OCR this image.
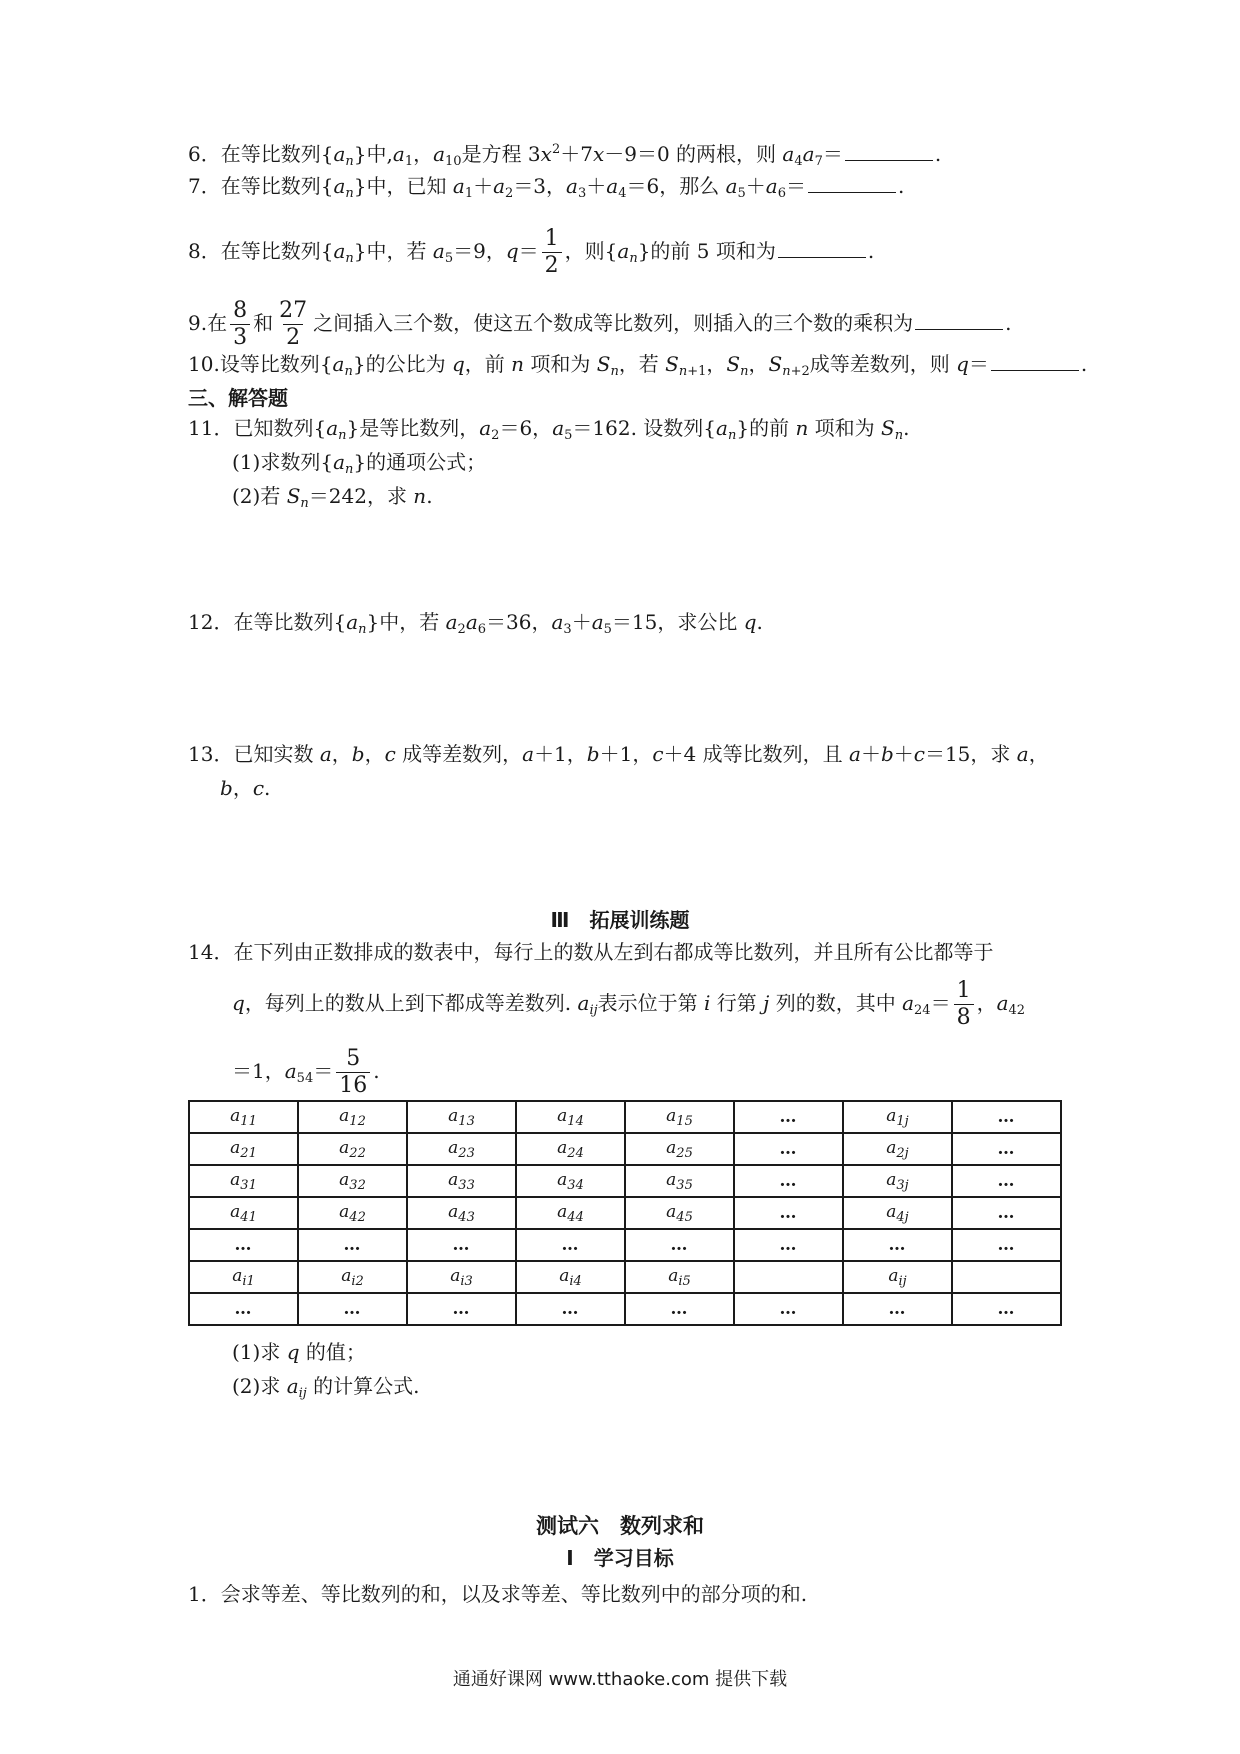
6．在等比数列$\{a_n\}$中$,a_1$，$a_{10}$是方程 $3x^2+7x-9=0$ 的两根，则 $a_4a_7=$	.
7．在等比数列$\{a_n\}$中，已知 $a_1+a_2=3$，$a_3+a_4=6$，那么 $a_5+a_6=$	.
8．在等比数列$\{a_n\}$中，若 $a_5=9$，$q= \frac{1}{2}$ ，则$\{a_n\}$的前 5 项和为	.
9.在 $\frac{8}{3}$ 和 $\frac{27}{2}$ 之间插入三个数，使这五个数成等比数列，则插入的三个数的乘积为	.
10.设等比数列$\{a_n\}$的公比为 q，前 n 项和为 $S_n$，若 $S_{n+1}$，$S_n$，$S_{n+2}$成等差数列，则 q＝	.
三、解答题
11．已知数列$\{a_n\}$是等比数列，$a_2=6$，$a_5=162$. 设数列$\{a_n\}$的前 n 项和为 $S_n$.
(1)求数列$\{a_n\}$的通项公式；
(2)若 $S_n=242$，求 n.
12．在等比数列$\{a_n\}$中，若 $a_2a_6=36$，$a_3+a_5=15$，求公比 q.
13．已知实数 a，b，c 成等差数列，a＋1，b＋1，c＋4 成等比数列，且 a＋b＋c＝15，求 a，
b，c.
Ⅲ　拓展训练题
14．在下列由正数排成的数表中，每行上的数从左到右都成等比数列，并且所有公比都等于
q，每列上的数从上到下都成等差数列. $a_{ij}$表示位于第 i 行第 j 列的数，其中 $a_{24}= \frac{1}{8}$ ，$a_{42}$
＝1，$a_{54}= \frac{5}{16}$ .
$a_{11}$	$a_{12}$	$a_{13}$	$a_{14}$	$a_{15}$	…	$a_{1j}$	…
$a_{21}$	$a_{22}$	$a_{23}$	$a_{24}$	$a_{25}$	…	$a_{2j}$	…
$a_{31}$	$a_{32}$	$a_{33}$	$a_{34}$	$a_{35}$	…	$a_{3j}$	…
$a_{41}$	$a_{42}$	$a_{43}$	$a_{44}$	$a_{45}$	…	$a_{4j}$	…
…	…	…	…	…	…	…	…
$a_{i1}$	$a_{i2}$	$a_{i3}$	$a_{i4}$	$a_{i5}$		$a_{ij}$	
…	…	…	…	…	…	…	…
(1)求 q 的值；
(2)求 $a_{ij}$ 的计算公式.
测试六　数列求和
Ⅰ　学习目标
1．会求等差、等比数列的和，以及求等差、等比数列中的部分项的和.
通通好课网 www.tthaoke.com 提供下载
